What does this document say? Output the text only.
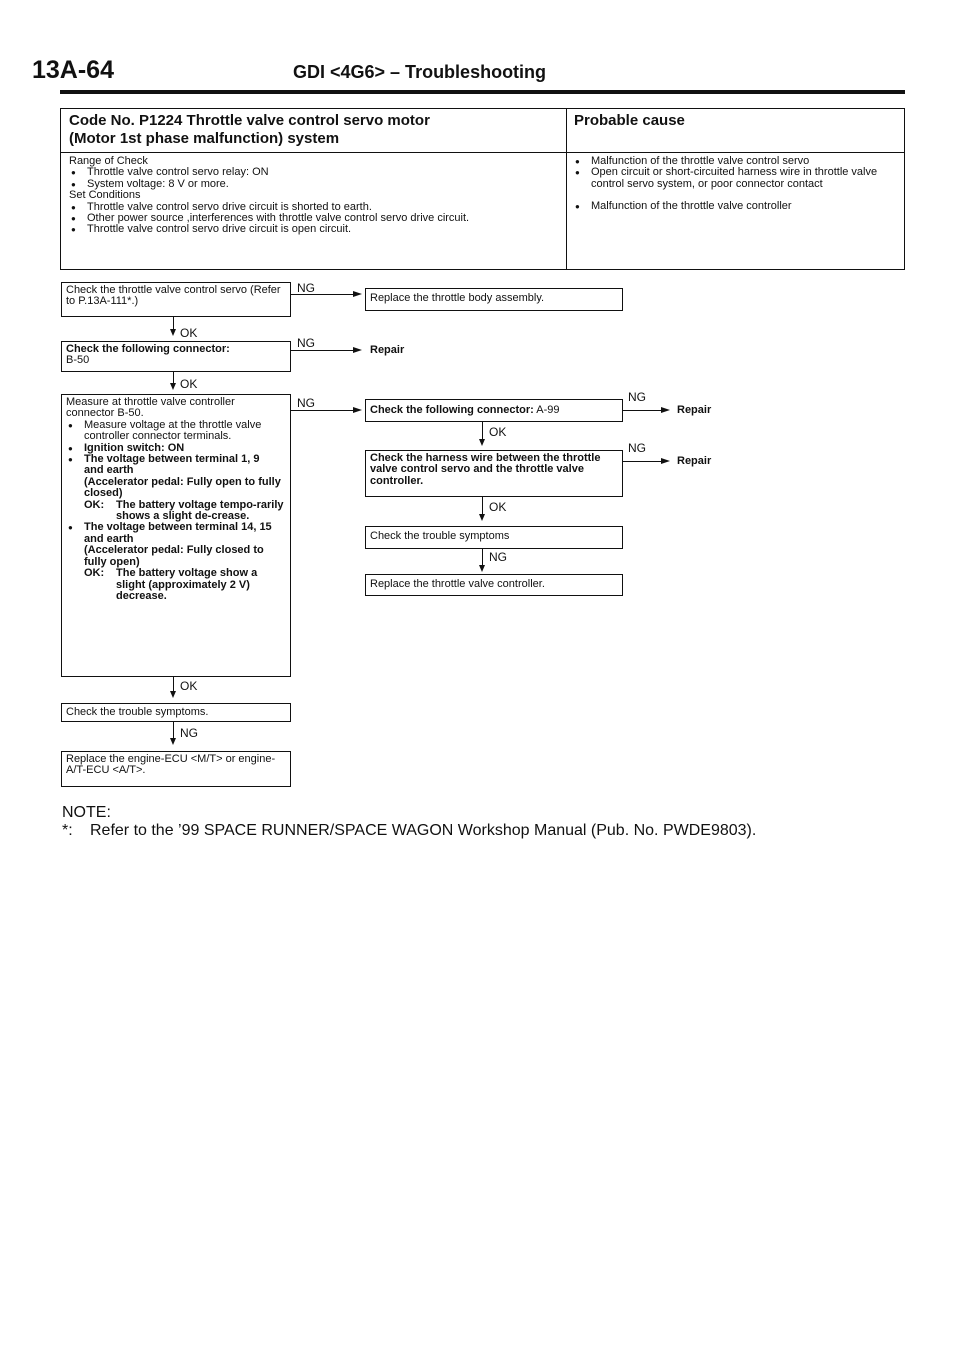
13A-64	GDI <4G6> – Troubleshooting
Code No. P1224 Throttle valve control servo motor
(Motor 1st phase malfunction) system
Probable cause
Range of Check
● Throttle valve control servo relay: ON
● System voltage: 8 V or more.
Set Conditions
● Throttle valve control servo drive circuit is shorted to earth.
● Other power source ,interferences with throttle valve control servo drive circuit.
● Throttle valve control servo drive circuit is open circuit.
● Malfunction of the throttle valve control servo
● Open circuit or short-circuited harness wire in throttle valve control servo system, or poor connector contact
● Malfunction of the throttle valve controller
Check the throttle valve control servo (Refer to P.13A-111*.)
NG
Replace the throttle body assembly.
OK
Check the following connector:
B-50
NG	Repair
OK
Measure at throttle valve controller connector B-50.
● Measure voltage at the throttle valve controller connector terminals.
● Ignition switch: ON
● The voltage between terminal 1, 9 and earth
(Accelerator pedal: Fully open to fully closed)
OK: The battery voltage tempo-rarily shows a slight de-crease.
● The voltage between terminal 14, 15 and earth
(Accelerator pedal: Fully closed to fully open)
OK: The battery voltage show a slight (approximately 2 V) decrease.
NG
OK
Check the trouble symptoms.
NG
Replace the engine-ECU <M/T> or engine-A/T-ECU <A/T>.
Check the following connector: A-99
NG
Repair
OK
Check the harness wire between the throttle valve control servo and the throttle valve controller.
NG
Repair
OK
Check the trouble symptoms
NG
Replace the throttle valve controller.
NOTE:
*: Refer to the ’99 SPACE RUNNER/SPACE WAGON Workshop Manual (Pub. No. PWDE9803).
